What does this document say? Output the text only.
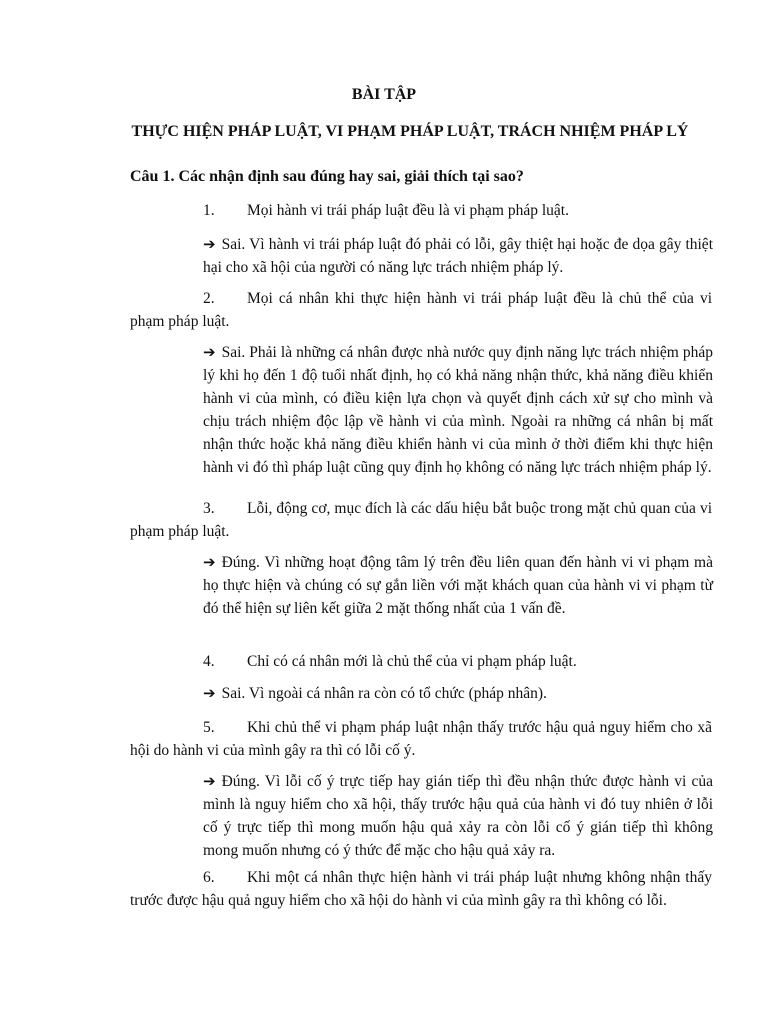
BÀI TẬP
THỰC HIỆN PHÁP LUẬT, VI PHẠM PHÁP LUẬT, TRÁCH NHIỆM PHÁP LÝ

Câu 1. Các nhận định sau đúng hay sai, giải thích tại sao?

1. Mọi hành vi trái pháp luật đều là vi phạm pháp luật.

➔ Sai. Vì hành vi trái pháp luật đó phải có lỗi, gây thiệt hại hoặc đe dọa gây thiệt hại cho xã hội của người có năng lực trách nhiệm pháp lý.

2. Mọi cá nhân khi thực hiện hành vi trái pháp luật đều là chủ thể của vi phạm pháp luật.

➔ Sai. Phải là những cá nhân được nhà nước quy định năng lực trách nhiệm pháp lý khi họ đến 1 độ tuổi nhất định, họ có khả năng nhận thức, khả năng điều khiển hành vi của mình, có điều kiện lựa chọn và quyết định cách xử sự cho mình và chịu trách nhiệm độc lập về hành vi của mình. Ngoài ra những cá nhân bị mất nhận thức hoặc khả năng điều khiển hành vi của mình ở thời điểm khi thực hiện hành vi đó thì pháp luật cũng quy định họ không có năng lực trách nhiệm pháp lý.

3. Lỗi, động cơ, mục đích là các dấu hiệu bắt buộc trong mặt chủ quan của vi phạm pháp luật.

➔ Đúng. Vì những hoạt động tâm lý trên đều liên quan đến hành vi vi phạm mà họ thực hiện và chúng có sự gắn liền với mặt khách quan của hành vi vi phạm từ đó thể hiện sự liên kết giữa 2 mặt thống nhất của 1 vấn đề.

4. Chỉ có cá nhân mới là chủ thể của vi phạm pháp luật.

➔ Sai. Vì ngoài cá nhân ra còn có tổ chức (pháp nhân).

5. Khi chủ thể vi phạm pháp luật nhận thấy trước hậu quả nguy hiểm cho xã hội do hành vi của mình gây ra thì có lỗi cố ý.

➔ Đúng. Vì lỗi cố ý trực tiếp hay gián tiếp thì đều nhận thức được hành vi của mình là nguy hiểm cho xã hội, thấy trước hậu quả của hành vi đó tuy nhiên ở lỗi cố ý trực tiếp thì mong muốn hậu quả xảy ra còn lỗi cố ý gián tiếp thì không mong muốn nhưng có ý thức để mặc cho hậu quả xảy ra.

6. Khi một cá nhân thực hiện hành vi trái pháp luật nhưng không nhận thấy trước được hậu quả nguy hiểm cho xã hội do hành vi của mình gây ra thì không có lỗi.
